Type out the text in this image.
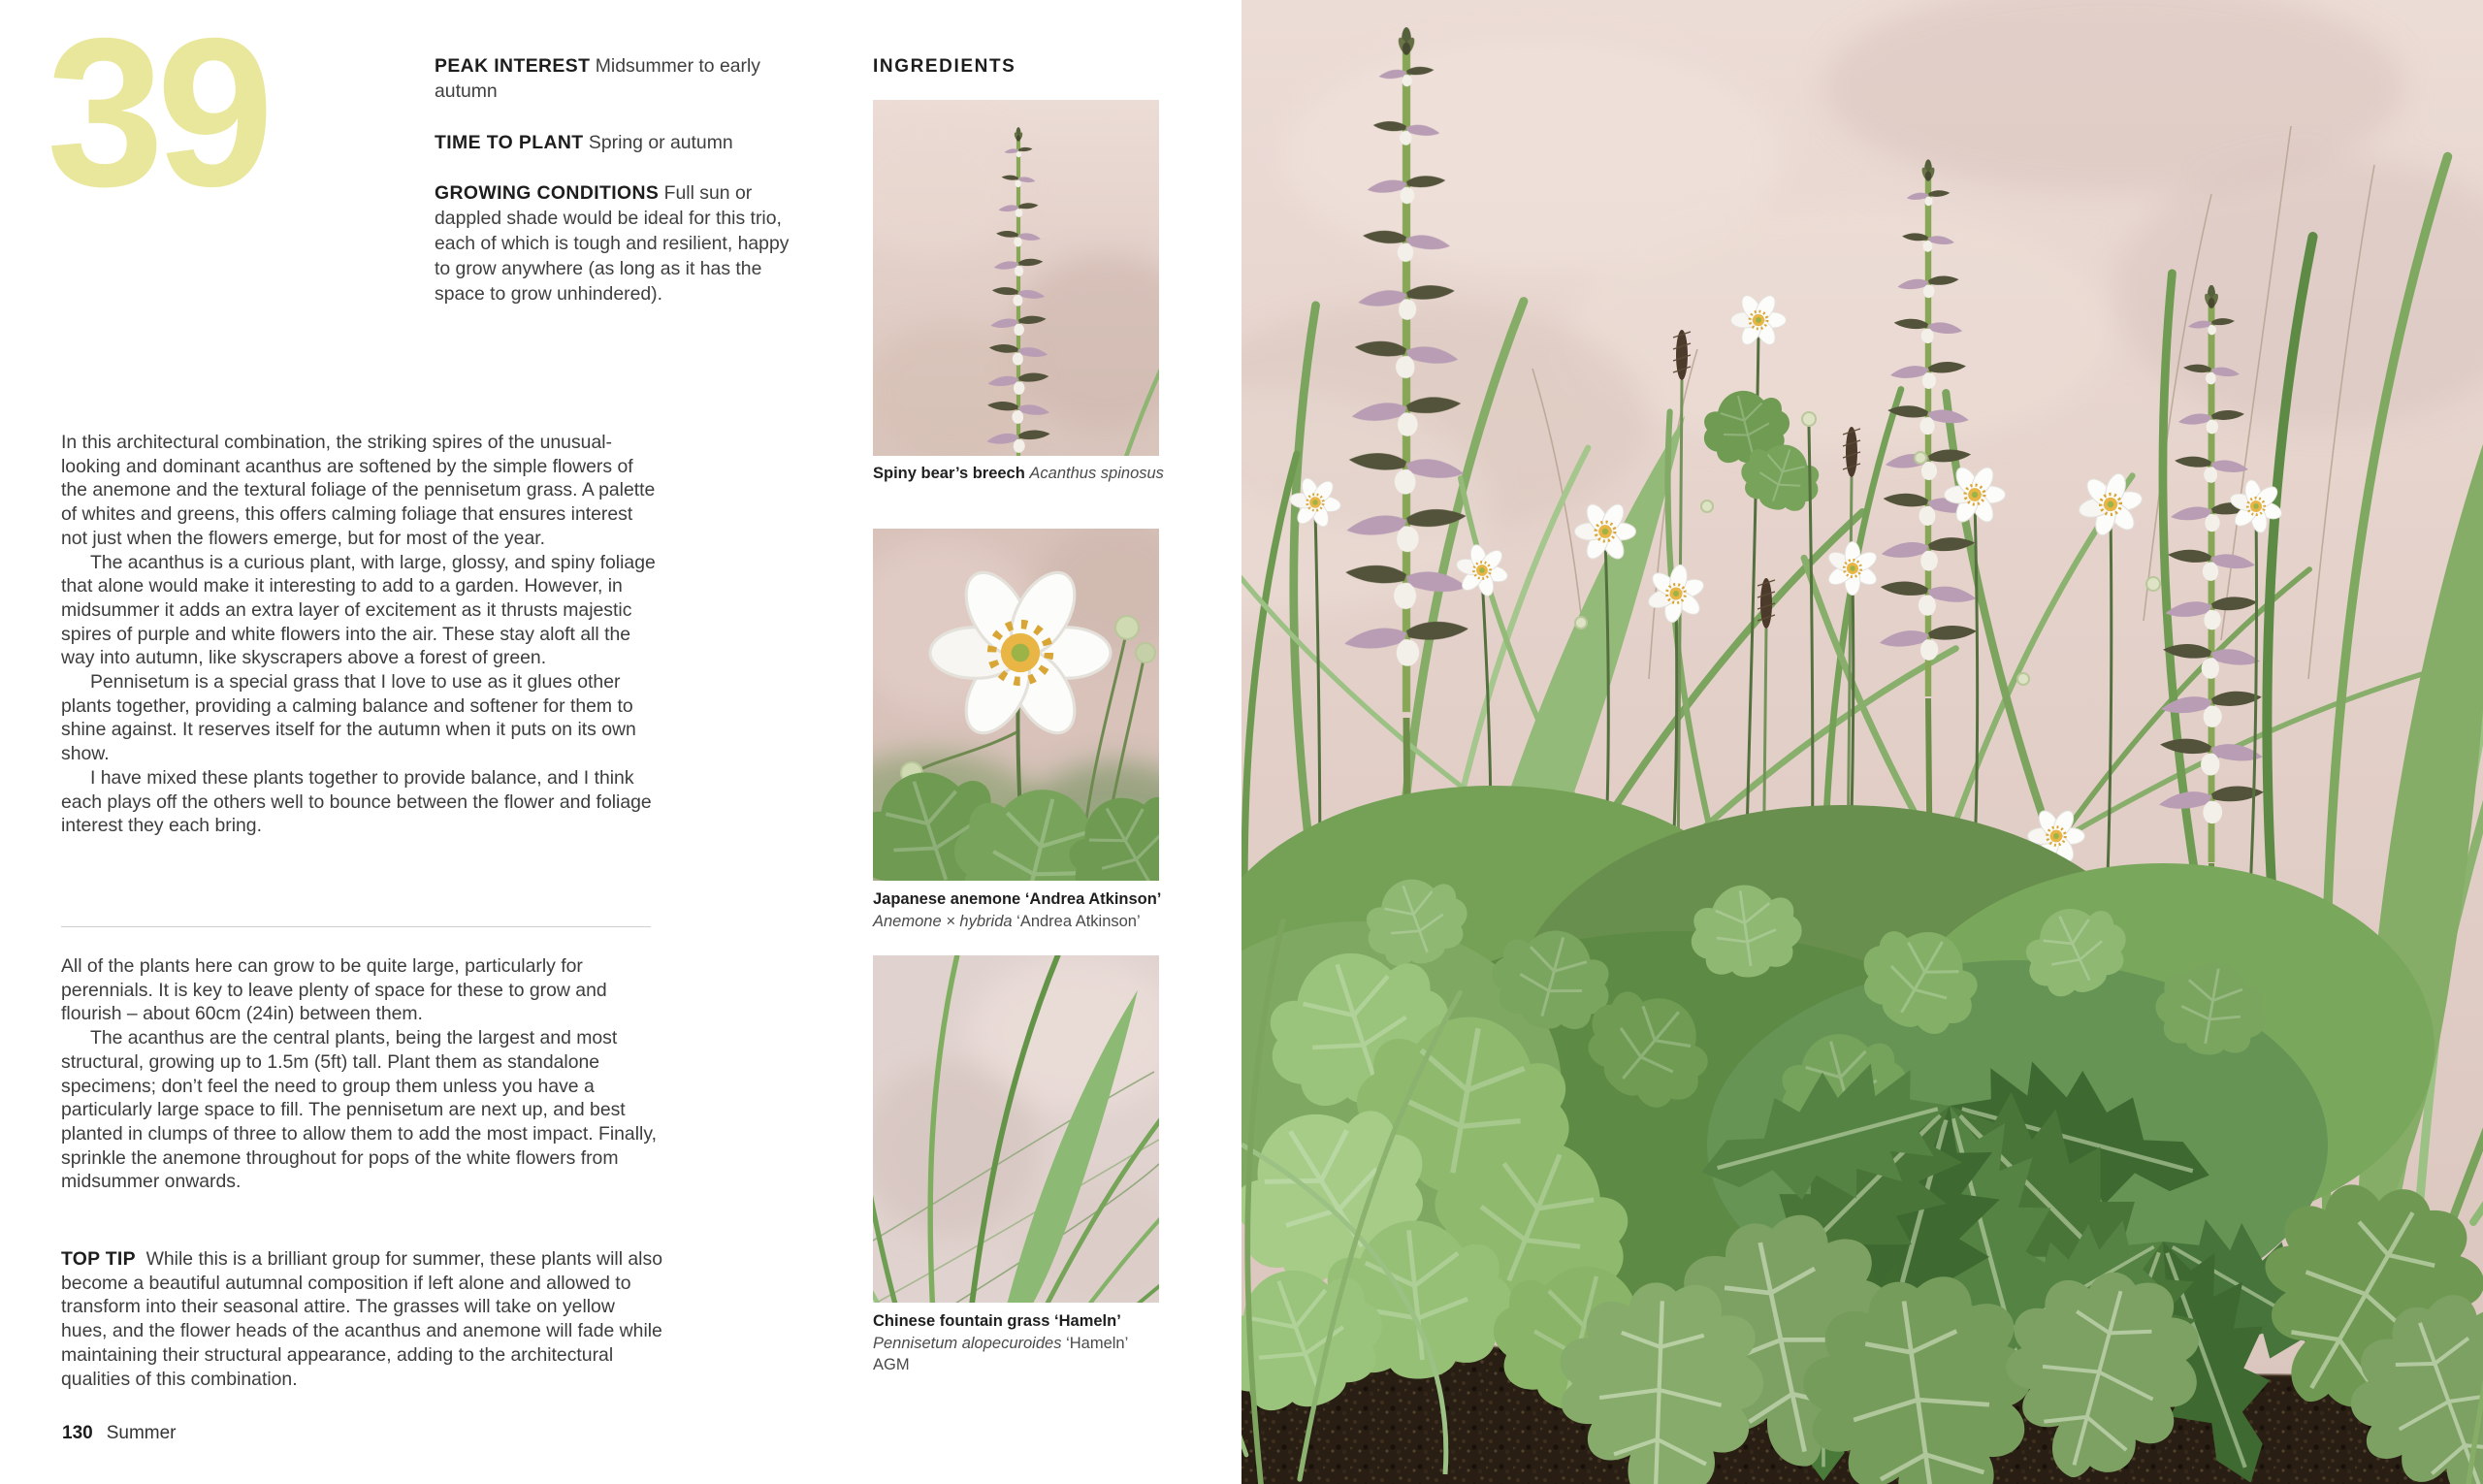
39	PEAK INTEREST Midsummer to early autumn

TIME TO PLANT Spring or autumn

GROWING CONDITIONS Full sun or dappled shade would be ideal for this trio, each of which is tough and resilient, happy to grow anywhere (as long as it has the space to grow unhindered).

INGREDIENTS
Spiny bear’s breech Acanthus spinosus
Japanese anemone ‘Andrea Atkinson’
Anemone × hybrida ‘Andrea Atkinson’
Chinese fountain grass ‘Hameln’
Pennisetum alopecuroides ‘Hameln’ AGM

In this architectural combination, the striking spires of the unusual-looking and dominant acanthus are softened by the simple flowers of the anemone and the textural foliage of the pennisetum grass. A palette of whites and greens, this offers calming foliage that ensures interest not just when the flowers emerge, but for most of the year.

The acanthus is a curious plant, with large, glossy, and spiny foliage that alone would make it interesting to add to a garden. However, in midsummer it adds an extra layer of excitement as it thrusts majestic spires of purple and white flowers into the air. These stay aloft all the way into autumn, like skyscrapers above a forest of green.

Pennisetum is a special grass that I love to use as it glues other plants together, providing a calming balance and softener for them to shine against. It reserves itself for the autumn when it puts on its own show.

I have mixed these plants together to provide balance, and I think each plays off the others well to bounce between the flower and foliage interest they each bring.

All of the plants here can grow to be quite large, particularly for perennials. It is key to leave plenty of space for these to grow and flourish – about 60cm (24in) between them.

The acanthus are the central plants, being the largest and most structural, growing up to 1.5m (5ft) tall. Plant them as standalone specimens; don’t feel the need to group them unless you have a particularly large space to fill. The pennisetum are next up, and best planted in clumps of three to allow them to add the most impact. Finally, sprinkle the anemone throughout for pops of the white flowers from midsummer onwards.

TOP TIP While this is a brilliant group for summer, these plants will also become a beautiful autumnal composition if left alone and allowed to transform into their seasonal attire. The grasses will take on yellow hues, and the flower heads of the acanthus and anemone will fade while maintaining their structural appearance, adding to the architectural qualities of this combination.
130 Summer
